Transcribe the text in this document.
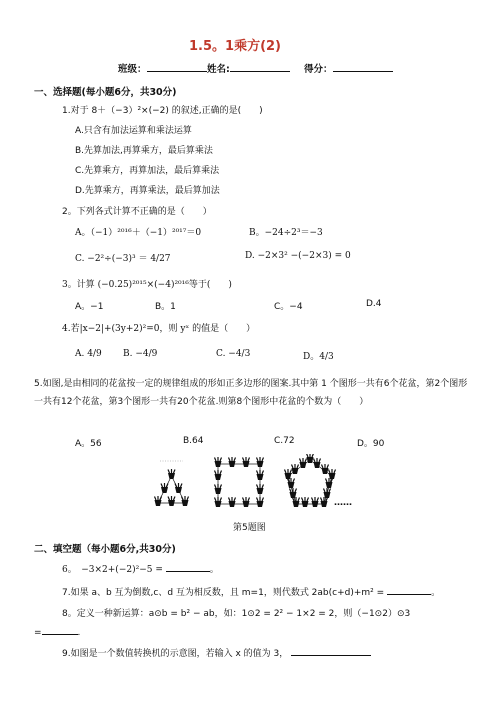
1.5。1乘方(2)
班级：	姓名:	得分：
一、选择题(每小题6分，共30分)
1.对于 8＋（−3）²×(−2) 的叙述,正确的是(　　)
A.只含有加法运算和乘法运算
B.先算加法,再算乘方，最后算乘法
C.先算乘方，再算加法，最后算乘法
D.先算乘方，再算乘法，最后算加法
2。下列各式计算不正确的是（　　）
A。（−1）²⁰¹⁶＋（−1）²⁰¹⁷＝0	B。−24÷2³＝−3
C. −2²÷(−3)³ ＝ 4/27	D. −2×3² −(−2×3) = 0
3。计算 (−0.25)²⁰¹⁵×(−4)²⁰¹⁶等于(　　)
A。−1	B。1	C。−4	D.4
4.若|x−2|+(3y+2)²=0，则 yˣ 的值是（　　）
A. 4/9 B. −4/9	C. −4/3	D。4/3
5.如图,是由相同的花盆按一定的规律组成的形如正多边形的图案.其中第 1 个图形一共有6个花盆，第2个图形一共有12个花盆，第3个图形一共有20个花盆.则第8个图形中花盆的个数为（　　）
A。56	B.64	C.72	D。90
……
第5题图
二、填空题（每小题6分,共30分)
6。　−3×2+(−2)²−5 =	。
7.如果 a、b 互为倒数,c、d 互为相反数，且 m=1，则代数式 2ab(c+d)+m² =	。
8。定义一种新运算：a⊙b = b² − ab，如：1⊙2 = 2² − 1×2 = 2，则（−1⊙2）⊙3
=	.
9.如图是一个数值转换机的示意图，若输入 x 的值为 3，
